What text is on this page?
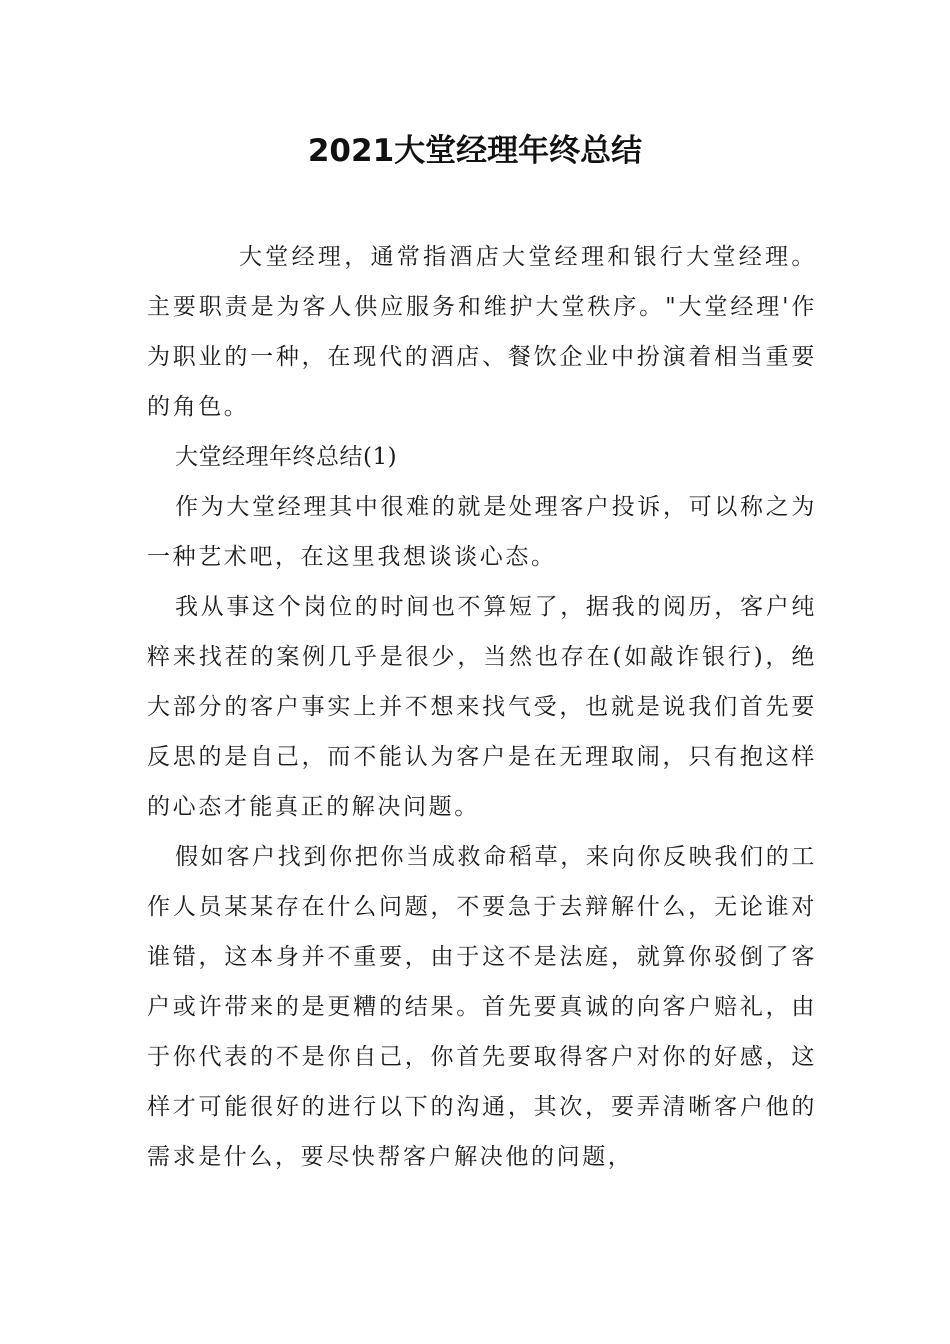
2021大堂经理年终总结

大堂经理，通常指酒店大堂经理和银行大堂经理。主要职责是为客人供应服务和维护大堂秩序。"大堂经理'作为职业的一种，在现代的酒店、餐饮企业中扮演着相当重要的角色。

大堂经理年终总结(1)

作为大堂经理其中很难的就是处理客户投诉，可以称之为一种艺术吧，在这里我想谈谈心态。

我从事这个岗位的时间也不算短了，据我的阅历，客户纯粹来找茬的案例几乎是很少，当然也存在(如敲诈银行)，绝大部分的客户事实上并不想来找气受，也就是说我们首先要反思的是自己，而不能认为客户是在无理取闹，只有抱这样的心态才能真正的解决问题。

假如客户找到你把你当成救命稻草，来向你反映我们的工作人员某某存在什么问题，不要急于去辩解什么，无论谁对谁错，这本身并不重要，由于这不是法庭，就算你驳倒了客户或许带来的是更糟的结果。首先要真诚的向客户赔礼，由于你代表的不是你自己，你首先要取得客户对你的好感，这样才可能很好的进行以下的沟通，其次，要弄清晰客户他的需求是什么，要尽快帮客户解决他的问题，
